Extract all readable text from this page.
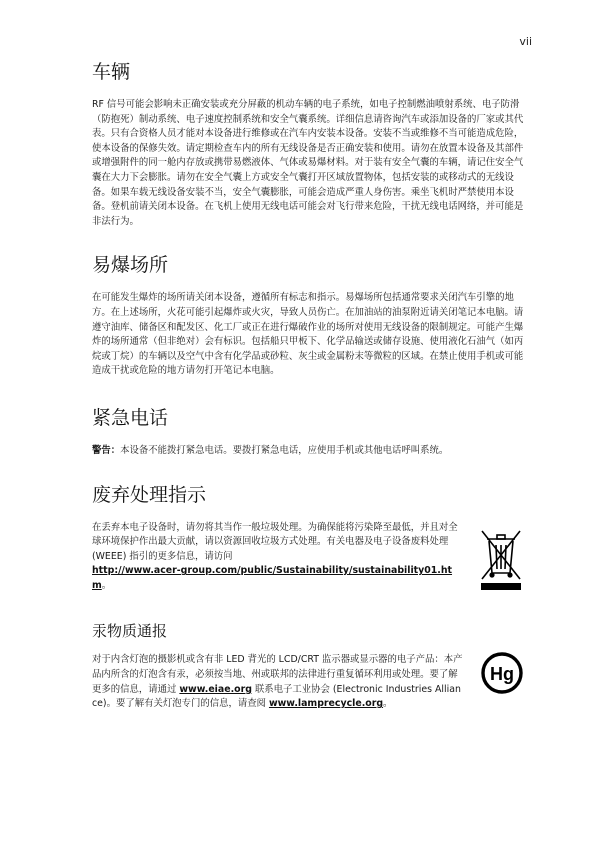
vii
车辆

RF 信号可能会影响未正确安装或充分屏蔽的机动车辆的电子系统，如电子控制燃油喷射系统、电子防滑（防抱死）制动系统、电子速度控制系统和安全气囊系统。详细信息请咨询汽车或添加设备的厂家或其代表。只有合资格人员才能对本设备进行维修或在汽车内安装本设备。安装不当或维修不当可能造成危险，使本设备的保修失效。请定期检查车内的所有无线设备是否正确安装和使用。请勿在放置本设备及其部件或增强附件的同一舱内存放或携带易燃液体、气体或易爆材料。对于装有安全气囊的车辆，请记住安全气囊在大力下会膨胀。请勿在安全气囊上方或安全气囊打开区域放置物体，包括安装的或移动式的无线设备。如果车载无线设备安装不当，安全气囊膨胀，可能会造成严重人身伤害。乘坐飞机时严禁使用本设备。登机前请关闭本设备。在飞机上使用无线电话可能会对飞行带来危险，干扰无线电话网络，并可能是非法行为。

易爆场所

在可能发生爆炸的场所请关闭本设备，遵循所有标志和指示。易爆场所包括通常要求关闭汽车引擎的地方。在上述场所，火花可能引起爆炸或火灾，导致人员伤亡。在加油站的油泵附近请关闭笔记本电脑。请遵守油库、储备区和配发区、化工厂或正在进行爆破作业的场所对使用无线设备的限制规定。可能产生爆炸的场所通常（但非绝对）会有标识。包括船只甲板下、化学品输送或储存设施、使用液化石油气（如丙烷或丁烷）的车辆以及空气中含有化学品或砂粒、灰尘或金属粉末等微粒的区域。在禁止使用手机或可能造成干扰或危险的地方请勿打开笔记本电脑。

紧急电话

警告：本设备不能拨打紧急电话。要拨打紧急电话，应使用手机或其他电话呼叫系统。

废弃处理指示

在丢弃本电子设备时，请勿将其当作一般垃圾处理。为确保能将污染降至最低，并且对全球环境保护作出最大贡献，请以资源回收垃圾方式处理。有关电器及电子设备废料处理 (WEEE) 指引的更多信息，请访问
http://www.acer-group.com/public/Sustainability/sustainability01.htm。

汞物质通报

对于内含灯泡的摄影机或含有非 LED 背光的 LCD/CRT 监示器或显示器的电子产品：本产品内所含的灯泡含有汞，必须按当地、州或联邦的法律进行重复循环利用或处理。要了解更多的信息，请通过 www.eiae.org 联系电子工业协会 (Electronic Industries Alliance)。要了解有关灯泡专门的信息，请查阅 www.lamprecycle.org。

Hg
